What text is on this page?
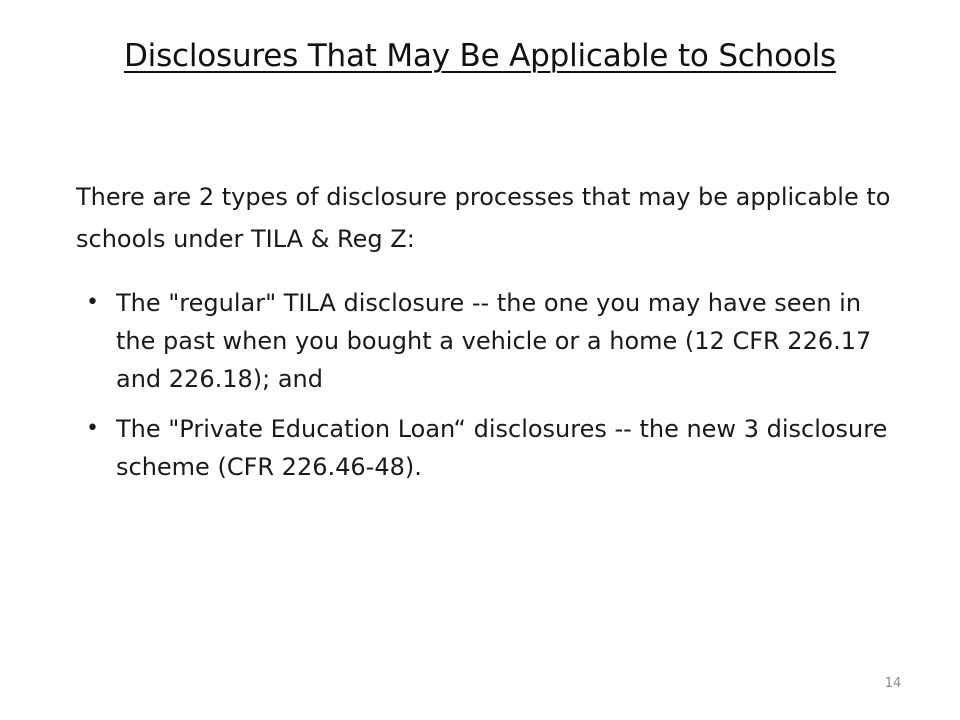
Disclosures That May Be Applicable to Schools
There are 2 types of disclosure processes that may be applicable to schools under TILA & Reg Z:
• The "regular" TILA disclosure -- the one you may have seen in the past when you bought a vehicle or a home (12 CFR 226.17 and 226.18); and
• The "Private Education Loan“ disclosures -- the new 3 disclosure scheme (CFR 226.46-48).
14
